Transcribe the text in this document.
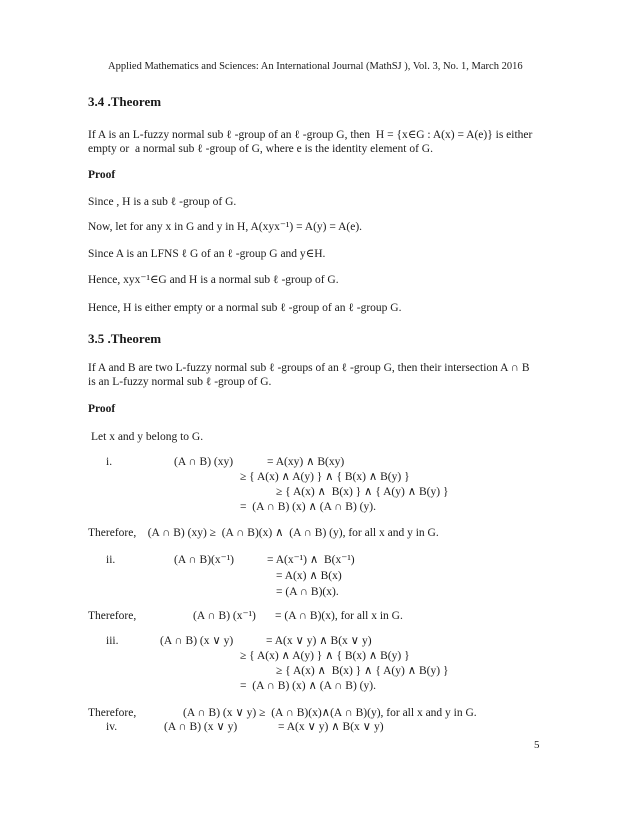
Applied Mathematics and Sciences: An International Journal (MathSJ ), Vol. 3, No. 1, March 2016
3.4 .Theorem
If A is an L-fuzzy normal sub ℓ -group of an ℓ -group G, then  H = {x∈G : A(x) = A(e)} is either
empty or  a normal sub ℓ -group of G, where e is the identity element of G.
Proof
Since , H is a sub ℓ -group of G.
Now, let for any x in G and y in H, A(xyx⁻¹) = A(y) = A(e).
Since A is an LFNS ℓ G of an ℓ -group G and y∈H.
Hence, xyx⁻¹∈G and H is a normal sub ℓ -group of G.
Hence, H is either empty or a normal sub ℓ -group of an ℓ -group G.
3.5 .Theorem
If A and B are two L-fuzzy normal sub ℓ -groups of an ℓ -group G, then their intersection A ∩ B
is an L-fuzzy normal sub ℓ -group of G.
Proof
Let x and y belong to G.
i.	(A ∩ B) (xy)	= A(xy) ∧ B(xy)
≥ { A(x) ∧ A(y) } ∧ { B(x) ∧ B(y) }
≥ { A(x) ∧  B(x) } ∧ { A(y) ∧ B(y) }
=  (A ∩ B) (x) ∧ (A ∩ B) (y).
Therefore,    (A ∩ B) (xy) ≥  (A ∩ B)(x) ∧  (A ∩ B) (y), for all x and y in G.
ii.	(A ∩ B)(x⁻¹)	= A(x⁻¹) ∧  B(x⁻¹)
= A(x) ∧ B(x)
= (A ∩ B)(x).
Therefore,	(A ∩ B) (x⁻¹) = (A ∩ B)(x), for all x in G.
iii.	(A ∩ B) (x ∨ y)	= A(x ∨ y) ∧ B(x ∨ y)
≥ { A(x) ∧ A(y) } ∧ { B(x) ∧ B(y) }
≥ { A(x) ∧  B(x) } ∧ { A(y) ∧ B(y) }
=  (A ∩ B) (x) ∧ (A ∩ B) (y).
Therefore,	(A ∩ B) (x ∨ y) ≥  (A ∩ B)(x)∧(A ∩ B)(y), for all x and y in G.
iv.	(A ∩ B) (x ∨ y)	= A(x ∨ y) ∧ B(x ∨ y)
5
